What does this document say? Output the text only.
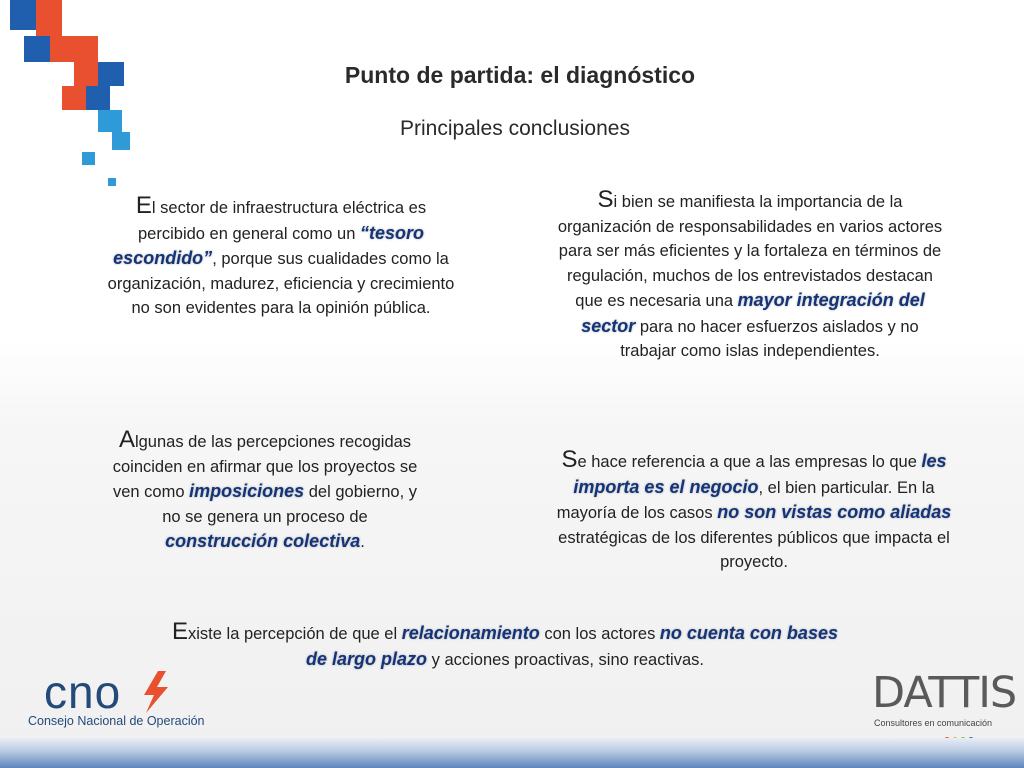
Punto de partida: el diagnóstico
Principales conclusiones
El sector de infraestructura eléctrica es percibido en general como un “tesoro escondido”, porque sus cualidades como la organización, madurez, eficiencia y crecimiento no son evidentes para la opinión pública.
Si bien se manifiesta la importancia de la organización de responsabilidades en varios actores para ser más eficientes y la fortaleza en términos de regulación, muchos de los entrevistados destacan que es necesaria una mayor integración del sector para no hacer esfuerzos aislados y no trabajar como islas independientes.
Algunas de las percepciones recogidas coinciden en afirmar que los proyectos se ven como imposiciones del gobierno, y no se genera un proceso de construcción colectiva.
Se hace referencia a que a las empresas lo que les importa es el negocio, el bien particular. En la mayoría de los casos no son vistas como aliadas estratégicas de los diferentes públicos que impacta el proyecto.
Existe la percepción de que el relacionamiento con los actores no cuenta con bases de largo plazo y acciones proactivas, sino reactivas.
cno
Consejo Nacional de Operación
DATTIS
Consultores en comunicación
